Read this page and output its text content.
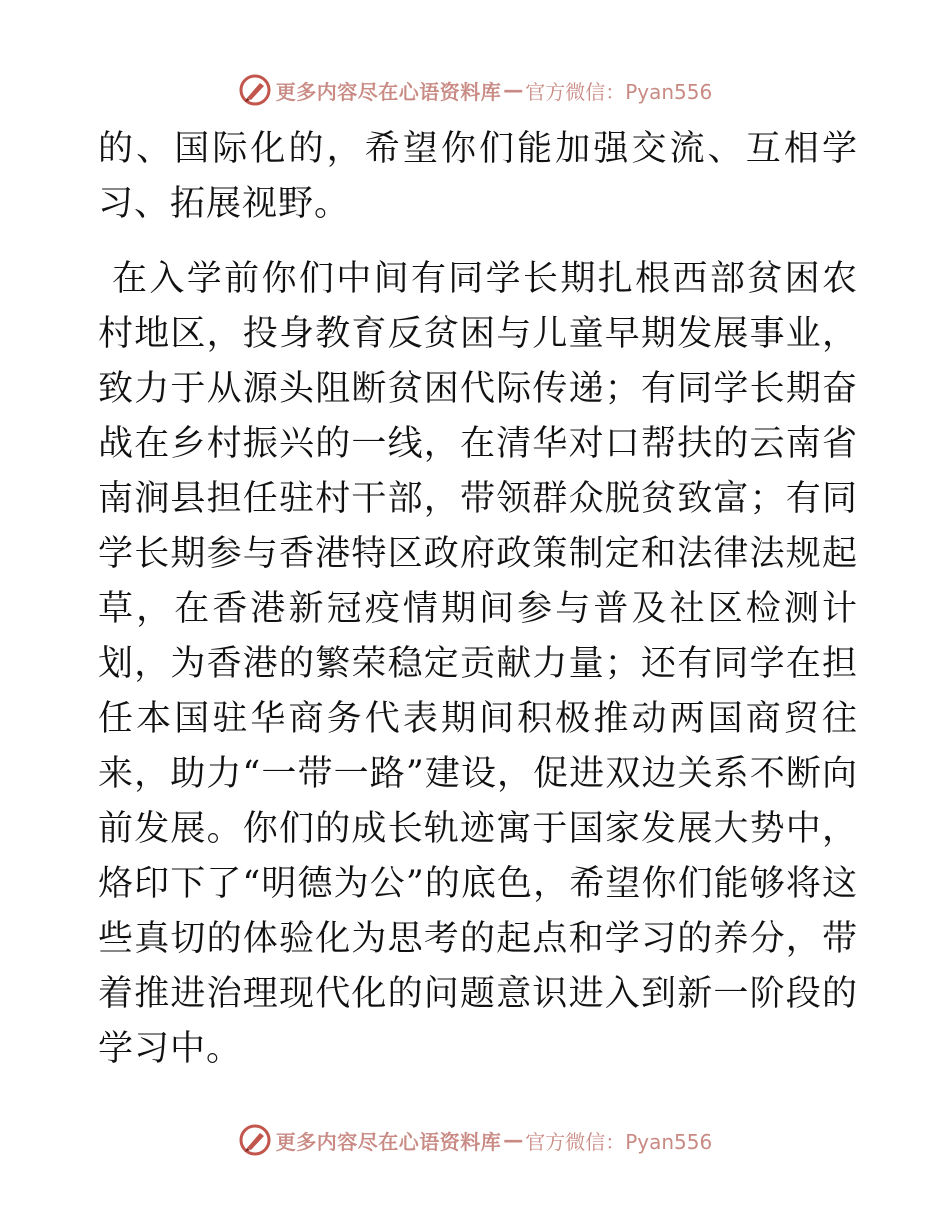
更多内容尽在心语资料库 — 官方微信：Pyan556

的、国际化的，希望你们能加强交流、互相学习、拓展视野。

在入学前你们中间有同学长期扎根西部贫困农村地区，投身教育反贫困与儿童早期发展事业，致力于从源头阻断贫困代际传递；有同学长期奋战在乡村振兴的一线，在清华对口帮扶的云南省南涧县担任驻村干部，带领群众脱贫致富；有同学长期参与香港特区政府政策制定和法律法规起草，在香港新冠疫情期间参与普及社区检测计划，为香港的繁荣稳定贡献力量；还有同学在担任本国驻华商务代表期间积极推动两国商贸往来，助力“一带一路”建设，促进双边关系不断向前发展。你们的成长轨迹寓于国家发展大势中，烙印下了“明德为公”的底色，希望你们能够将这些真切的体验化为思考的起点和学习的养分，带着推进治理现代化的问题意识进入到新一阶段的学习中。

更多内容尽在心语资料库 — 官方微信：Pyan556
